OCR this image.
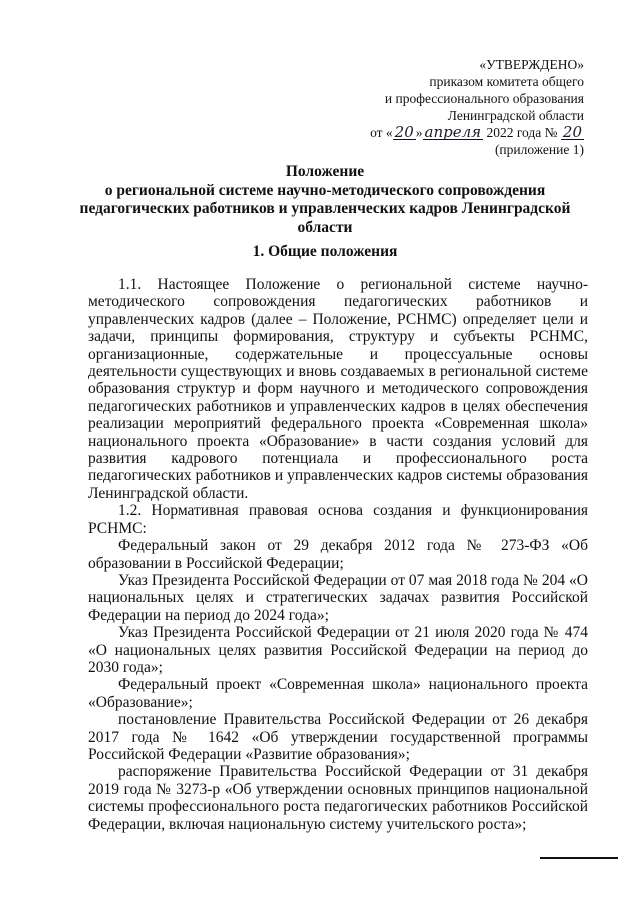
«УТВЕРЖДЕНО»
приказом комитета общего
и профессионального образования
Ленинградской области
от « 20 » апреля 2022 года № 20
(приложение 1)
Положение
о региональной системе научно-методического сопровождения
педагогических работников и управленческих кадров Ленинградской
области
1. Общие положения

1.1. Настоящее Положение о региональной системе научно-методического сопровождения педагогических работников и управленческих кадров (далее – Положение, РСНМС) определяет цели и задачи, принципы формирования, структуру и субъекты РСНМС, организационные, содержательные и процессуальные основы деятельности существующих и вновь создаваемых в региональной системе образования структур и форм научного и методического сопровождения педагогических работников и управленческих кадров в целях обеспечения реализации мероприятий федерального проекта «Современная школа» национального проекта «Образование» в части создания условий для развития кадрового потенциала и профессионального роста педагогических работников и управленческих кадров системы образования Ленинградской области.

1.2. Нормативная правовая основа создания и функционирования РСНМС:

Федеральный закон от 29 декабря 2012 года № 273-ФЗ «Об образовании в Российской Федерации;

Указ Президента Российской Федерации от 07 мая 2018 года № 204 «О национальных целях и стратегических задачах развития Российской Федерации на период до 2024 года»;

Указ Президента Российской Федерации от 21 июля 2020 года № 474 «О национальных целях развития Российской Федерации на период до 2030 года»;

Федеральный проект «Современная школа» национального проекта «Образование»;

постановление Правительства Российской Федерации от 26 декабря 2017 года № 1642 «Об утверждении государственной программы Российской Федерации «Развитие образования»;

распоряжение Правительства Российской Федерации от 31 декабря 2019 года № 3273-р «Об утверждении основных принципов национальной системы профессионального роста педагогических работников Российской Федерации, включая национальную систему учительского роста»;
